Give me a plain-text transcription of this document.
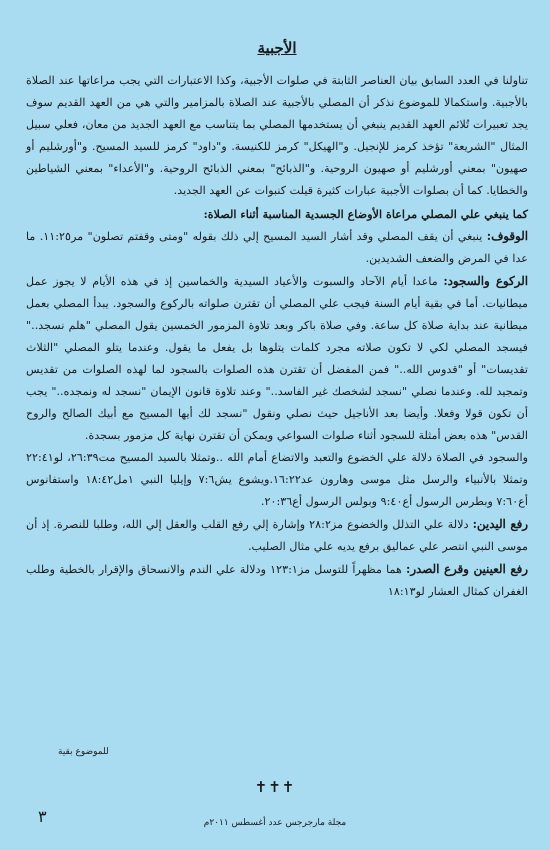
الأجبية

تناولنا في العدد السابق بيان العناصر الثابتة في صلوات الأجبية، وكذا الاعتبارات التي يجب مراعاتها عند الصلاة بالأجبية. واستكمالا للموضوع نذكر أن المصلي بالأجبية عند الصلاة بالمزامير والتي هي من العهد القديم سوف يجد تعبيرات تُلائم العهد القديم ينبغي أن يستخدمها المصلي بما يتناسب مع العهد الجديد من معان، فعلي سبيل المثال "الشريعة" تؤخذ كرمز للإنجيل. و"الهيكل" كرمز للكنيسة. و"داود" كرمز للسيد المسيح. و"أورشليم أو صهيون" بمعني أورشليم أو صهيون الروحية. و"الذبائح" بمعني الذبائح الروحية. و"الأعداء" بمعني الشياطين والخطايا. كما أن بصلوات الأجبية عبارات كثيرة قيلت كنبوات عن العهد الجديد.

كما ينبغي علي المصلي مراعاة الأوضاع الجسدية المناسبة أثناء الصلاة:

الوقوف: ينبغي أن يقف المصلي وقد أشار السيد المسيح إلي ذلك بقوله "ومتى وقفتم تصلون" مر١١:٢٥. ما عدا في المرض والضعف الشديدين.

الركوع والسجود: ماعدا أيام الآحاد والسبوت والأعياد السيدية والخماسين إذ في هذه الأيام لا يجوز عمل ميطانيات. أما في بقية أيام السنة فيجب علي المصلي أن تقترن صلواته بالركوع والسجود. يبدأ المصلي بعمل ميطانية عند بداية صلاة كل ساعة. وفي صلاة باكر وبعد تلاوة المزمور الخمسين يقول المصلي "هلم نسجد.." فيسجد المصلي لكي لا تكون صلاته مجرد كلمات يتلوها بل يفعل ما يقول. وعندما يتلو المصلي "الثلاث تقديسات" أو "قدوس الله.." فمن المفضل أن تقترن هذه الصلوات بالسجود لما لهذه الصلوات من تقديس وتمجيد لله. وعندما نصلي "نسجد لشخصك غير الفاسد.." وعند تلاوة قانون الإيمان "نسجد له ونمجده.." يجب أن تكون قولا وفعلا. وأيضا بعد الأناجيل حيث نصلي ونقول "نسجد لك أيها المسيح مع أبيك الصالح والروح القدس" هذه بعض أمثلة للسجود أثناء صلوات السواعي ويمكن أن تقترن نهاية كل مزمور بسجدة.

والسجود في الصلاة دلالة علي الخضوع والتعبد والاتضاع أمام الله ..وتمثلا بالسيد المسيح مت٢٦:٣٩، لو٢٢:٤١ وتمثلا بالأنبياء والرسل مثل موسى وهارون عد١٦:٢٢.ويشوع يش٧:٦ وإيليا النبي ١مل١٨:٤٢ واستفانوس أع٧:٦٠ وبطرس الرسول أع٩:٤٠ وبولس الرسول أع٢٠:٣٦.

رفع اليدين: دلالة علي التذلل والخضوع مز٢٨:٢ وإشارة إلي رفع القلب والعقل إلي الله، وطلبا للنصرة. إذ أن موسى النبي انتصر علي عماليق برفع يديه علي مثال الصليب.

رفع العينين وقرع الصدر: هما مظهراً للتوسل مز١٢٣:١ ودلالة علي الندم والانسحاق والإقرار بالخطية وطلب الغفران كمثال العشار لو١٨:١٣

للموضوع بقية
✝✝✝
مجلة مارجرجس عدد أغسطس ٢٠١١م
٣
